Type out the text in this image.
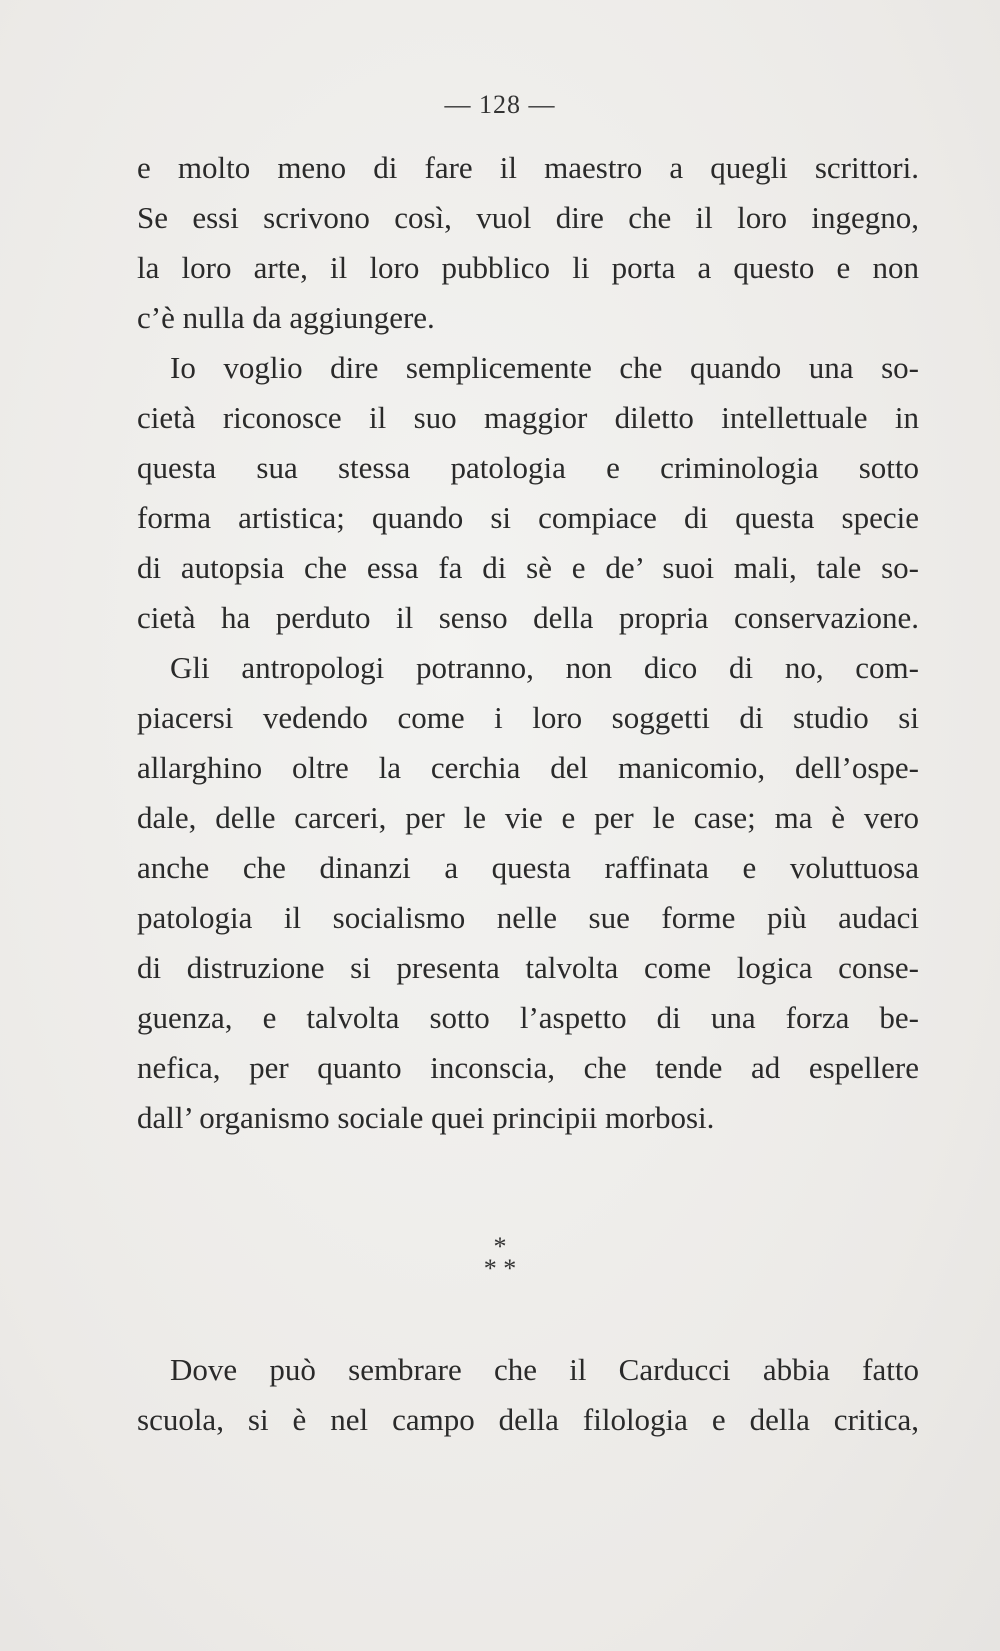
— 128 —
e molto meno di fare il maestro a quegli scrittori.
Se essi scrivono così, vuol dire che il loro ingegno,
la loro arte, il loro pubblico li porta a questo e non
c’è nulla da aggiungere.
Io voglio dire semplicemente che quando una so-
cietà riconosce il suo maggior diletto intellettuale in
questa sua stessa patologia e criminologia sotto
forma artistica; quando si compiace di questa specie
di autopsia che essa fa di sè e de’ suoi mali, tale so-
cietà ha perduto il senso della propria conservazione.
Gli antropologi potranno, non dico di no, com-
piacersi vedendo come i loro soggetti di studio si
allarghino oltre la cerchia del manicomio, dell’ospe-
dale, delle carceri, per le vie e per le case; ma è vero
anche che dinanzi a questa raffinata e voluttuosa
patologia il socialismo nelle sue forme più audaci
di distruzione si presenta talvolta come logica conse-
guenza, e talvolta sotto l’aspetto di una forza be-
nefica, per quanto inconscia, che tende ad espellere
dall’ organismo sociale quei principii morbosi.
*
* *
Dove può sembrare che il Carducci abbia fatto
scuola, si è nel campo della filologia e della critica,
